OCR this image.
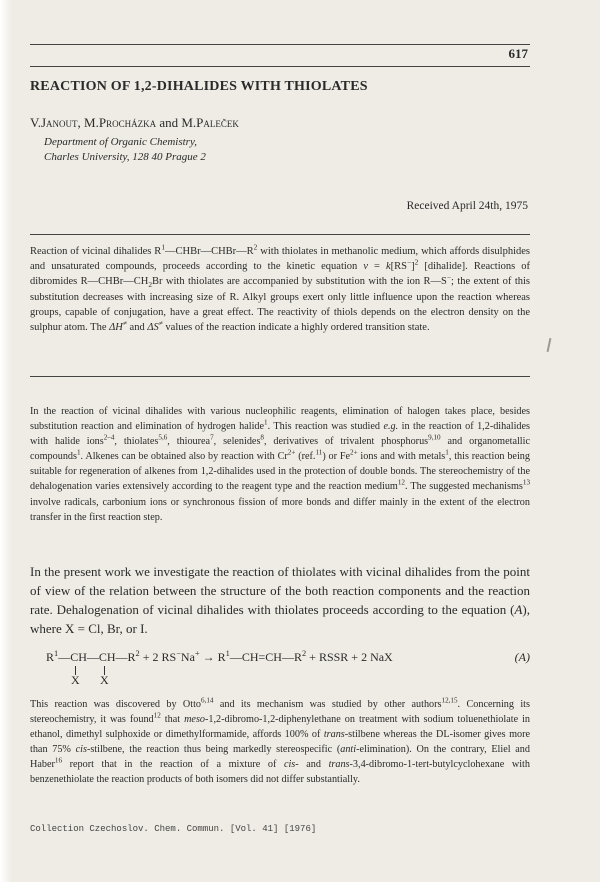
617
REACTION OF 1,2-DIHALIDES WITH THIOLATES
V.Janout, M.Procházka and M.Paleček
Department of Organic Chemistry,
Charles University, 128 40 Prague 2
Received April 24th, 1975
Reaction of vicinal dihalides $R^1—CHBr—CHBr—R^2$ with thiolates in methanolic medium, which affords disulphides and unsaturated compounds, proceeds according to the kinetic equation $v = k[RS^-]^2$ [dihalide]. Reactions of dibromides $R—CHBr—CH_2Br$ with thiolates are accompanied by substitution with the ion R—S−; the extent of this substitution decreases with increasing size of R. Alkyl groups exert only little influence upon the reaction whereas groups, capable of conjugation, have a great effect. The reactivity of thiols depends on the electron density on the sulphur atom. The ΔH≠ and ΔS≠ values of the reaction indicate a highly ordered transition state.
In the reaction of vicinal dihalides with various nucleophilic reagents, elimination of halogen takes place, besides substitution reaction and elimination of hydrogen halide$^1$. This reaction was studied e.g. in the reaction of 1,2-dihalides with halide ions$^{2-4}$, thiolates$^{5,6}$, thiourea$^7$, selenides$^8$, derivatives of trivalent phosphorus$^{9,10}$ and organometallic compounds$^1$. Alkenes can be obtained also by reaction with $Cr^{2+}$ (ref.$^{11}$) or $Fe^{2+}$ ions and with metals$^1$, this reaction being suitable for regeneration of alkenes from 1,2-dihalides used in the protection of double bonds. The stereochemistry of the dehalogenation varies extensively according to the reagent type and the reaction medium$^{12}$. The suggested mechanisms$^{13}$ involve radicals, carbonium ions or synchronous fission of more bonds and differ mainly in the extent of the electron transfer in the first reaction step.
In the present work we investigate the reaction of thiolates with vicinal dihalides from the point of view of the relation between the structure of the both reaction components and the reaction rate. Dehalogenation of vicinal dihalides with thiolates proceeds according to the equation (A), where X = Cl, Br, or I.
$R^1—CH—CH—R^2 + 2$ $RS^-Na^+ \to R^1—CH=CH—R^2$ + RSSR + 2 NaX
X X
(A)
This reaction was discovered by Otto$^{6,14}$ and its mechanism was studied by other authors$^{12,15}$. Concerning its stereochemistry, it was found$^{12}$ that meso-1,2-dibromo-1,2-diphenylethane on treatment with sodium toluenethiolate in ethanol, dimethyl sulphoxide or dimethylformamide, affords 100% of trans-stilbene whereas the DL-isomer gives more than 75% cis-stilbene, the reaction thus being markedly stereospecific (anti-elimination). On the contrary, Eliel and Haber$^{16}$ report that in the reaction of a mixture of cis- and trans-3,4-dibromo-1-tert-butylcyclohexane with benzenethiolate the reaction products of both isomers did not differ substantially.
Collection Czechoslov. Chem. Commun. [Vol. 41] [1976]
